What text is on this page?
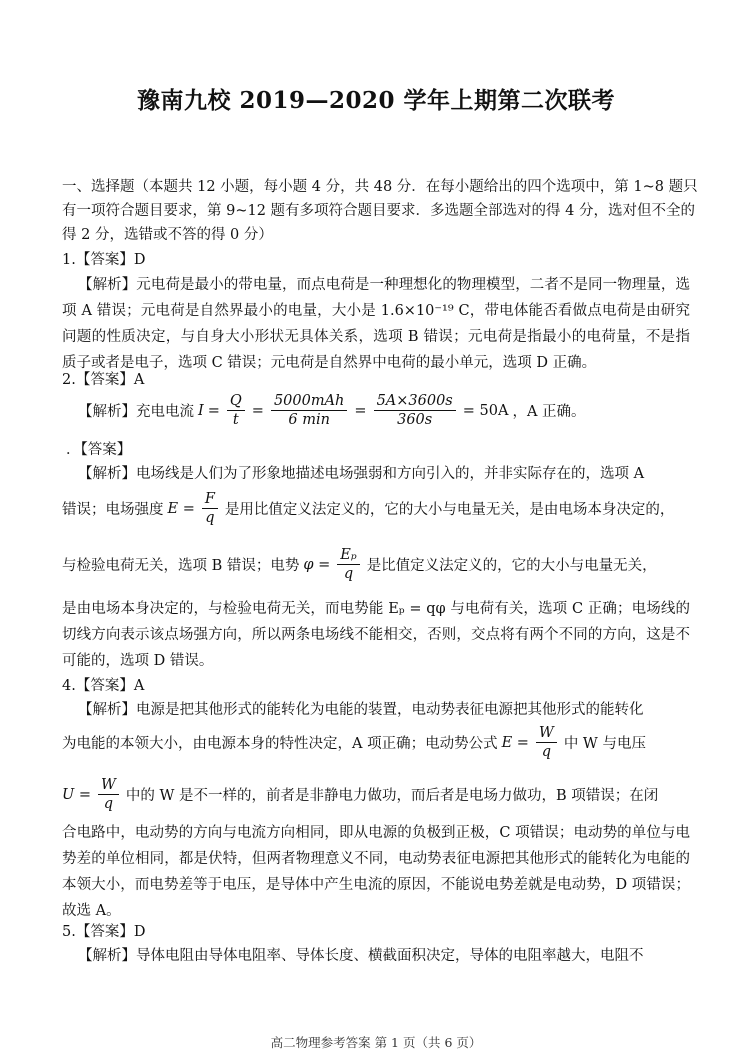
豫南九校 2019—2020 学年上期第二次联考
一、选择题（本题共 12 小题，每小题 4 分，共 48 分．在每小题给出的四个选项中，第 1~8 题只有一项符合题目要求，第 9~12 题有多项符合题目要求．多选题全部选对的得 4 分，选对但不全的得 2 分，选错或不答的得 0 分）
1.【答案】D
【解析】元电荷是最小的带电量，而点电荷是一种理想化的物理模型，二者不是同一物理量，选项 A 错误；元电荷是自然界最小的电量，大小是 1.6×10⁻¹⁹ C，带电体能否看做点电荷是由研究问题的性质决定，与自身大小形状无具体关系，选项 B 错误；元电荷是指最小的电荷量，不是指质子或者是电子，选项 C 错误；元电荷是自然界中电荷的最小单元，选项 D 正确。
2.【答案】A
【解析】充电电流 $I = \frac{Q}{t} = \frac{\text{5000mAh}}{6 \min} = \frac{5A\times 3600s}{360s} = 50A$ ，A 正确。
．【答案】
【解析】电场线是人们为了形象地描述电场强弱和方向引入的，并非实际存在的，选项 A
错误；电场强度 $E = \frac{F}{q}$ 是用比值定义法定义的，它的大小与电量无关，是由电场本身决定的，
与检验电荷无关，选项 B 错误；电势 $\varphi = \frac{\text{Eₚ}}{q}$ 是比值定义法定义的，它的大小与电量无关，
是由电场本身决定的，与检验电荷无关，而电势能 Eₚ = qφ 与电荷有关，选项 C 正确；电场线的切线方向表示该点场强方向，所以两条电场线不能相交，否则，交点将有两个不同的方向，这是不可能的，选项 D 错误。
4.【答案】A
【解析】电源是把其他形式的能转化为电能的装置，电动势表征电源把其他形式的能转化
为电能的本领大小，由电源本身的特性决定，A 项正确；电动势公式 $E = \frac{W}{q}$ 中 W 与电压
$U = \frac{W}{q}$ 中的 W 是不一样的，前者是非静电力做功，而后者是电场力做功，B 项错误；在闭
合电路中，电动势的方向与电流方向相同，即从电源的负极到正极，C 项错误；电动势的单位与电势差的单位相同，都是伏特，但两者物理意义不同，电动势表征电源把其他形式的能转化为电能的本领大小，而电势差等于电压，是导体中产生电流的原因，不能说电势差就是电动势，D 项错误；故选 A。
5.【答案】D
【解析】导体电阻由导体电阻率、导体长度、横截面积决定，导体的电阻率越大，电阻不
高二物理参考答案 第 1 页（共 6 页）
